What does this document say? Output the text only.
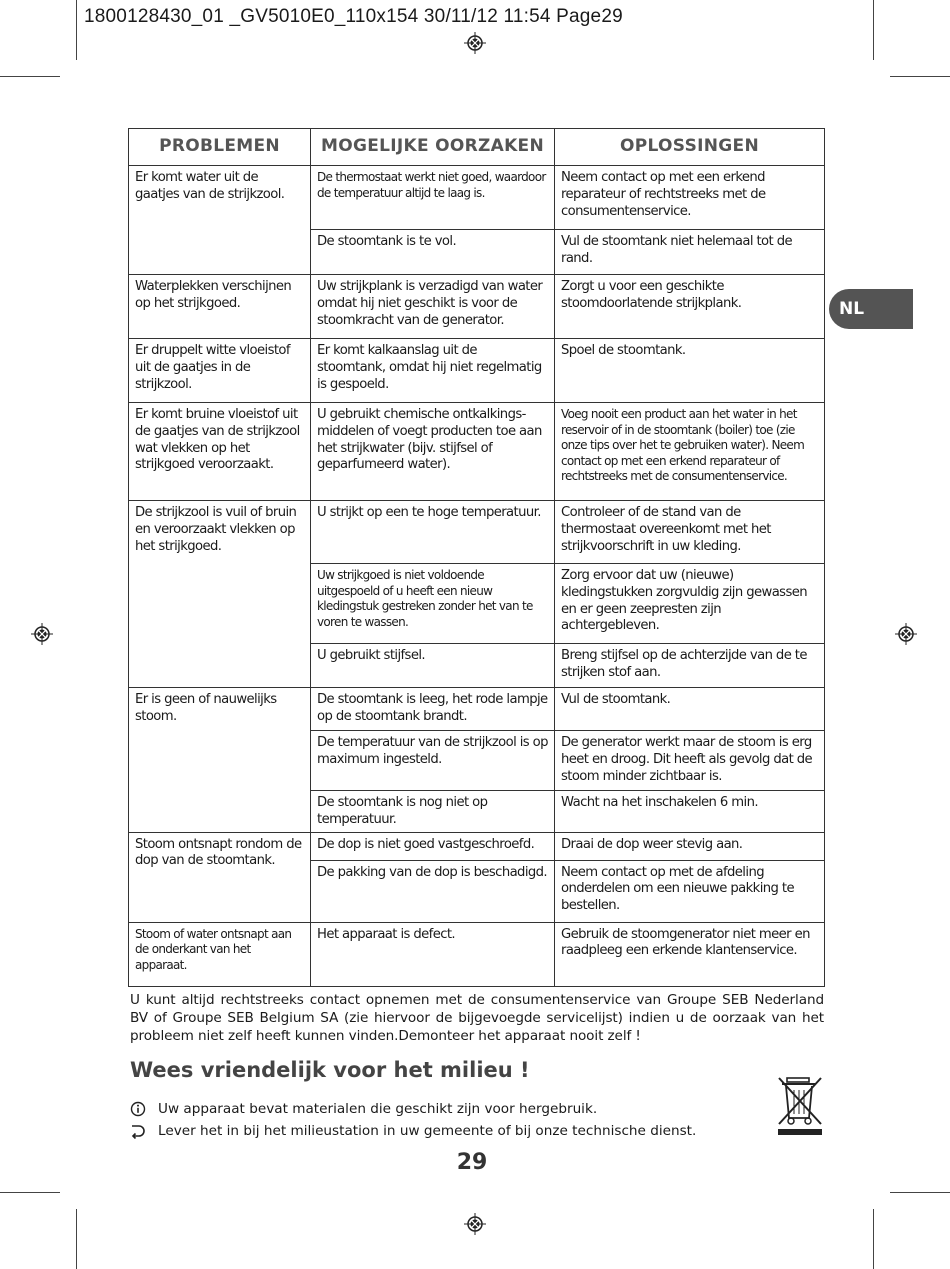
1800128430_01 _GV5010E0_110x154 30/11/12 11:54 Page29
NL
PROBLEMEN	MOGELIJKE OORZAKEN	OPLOSSINGEN
Er komt water uit de gaatjes van de strijkzool.	De thermostaat werkt niet goed, waardoor de temperatuur altijd te laag is.	Neem contact op met een erkend reparateur of rechtstreeks met de consumentenservice.
	De stoomtank is te vol.	Vul de stoomtank niet helemaal tot de rand.
Waterplekken verschijnen op het strijkgoed.	Uw strijkplank is verzadigd van water omdat hij niet geschikt is voor de stoomkracht van de generator.	Zorgt u voor een geschikte stoomdoorlatende strijkplank.
Er druppelt witte vloeistof uit de gaatjes in de strijkzool.	Er komt kalkaanslag uit de stoomtank, omdat hij niet regelmatig is gespoeld.	Spoel de stoomtank.
Er komt bruine vloeistof uit de gaatjes van de strijkzool wat vlekken op het strijkgoed veroorzaakt.	U gebruikt chemische ontkalkings-middelen of voegt producten toe aan het strijkwater (bijv. stijfsel of geparfumeerd water).	Voeg nooit een product aan het water in het reservoir of in de stoomtank (boiler) toe (zie onze tips over het te gebruiken water). Neem contact op met een erkend reparateur of rechtstreeks met de consumentenservice.
De strijkzool is vuil of bruin en veroorzaakt vlekken op het strijkgoed.	U strijkt op een te hoge temperatuur.	Controleer of de stand van de thermostaat overeenkomt met het strijkvoorschrift in uw kleding.
	Uw strijkgoed is niet voldoende uitgespoeld of u heeft een nieuw kledingstuk gestreken zonder het van te voren te wassen.	Zorg ervoor dat uw (nieuwe) kledingstukken zorgvuldig zijn gewassen en er geen zeepresten zijn achtergebleven.
	U gebruikt stijfsel.	Breng stijfsel op de achterzijde van de te strijken stof aan.
Er is geen of nauwelijks stoom.	De stoomtank is leeg, het rode lampje op de stoomtank brandt.	Vul de stoomtank.
	De temperatuur van de strijkzool is op maximum ingesteld.	De generator werkt maar de stoom is erg heet en droog. Dit heeft als gevolg dat de stoom minder zichtbaar is.
	De stoomtank is nog niet op temperatuur.	Wacht na het inschakelen 6 min.
Stoom ontsnapt rondom de dop van de stoomtank.	De dop is niet goed vastgeschroefd.	Draai de dop weer stevig aan.
	De pakking van de dop is beschadigd.	Neem contact op met de afdeling onderdelen om een nieuwe pakking te bestellen.
Stoom of water ontsnapt aan de onderkant van het apparaat.	Het apparaat is defect.	Gebruik de stoomgenerator niet meer en raadpleeg een erkende klantenservice.
U kunt altijd rechtstreeks contact opnemen met de consumentenservice van Groupe SEB Nederland BV of Groupe SEB Belgium SA (zie hiervoor de bijgevoegde servicelijst) indien u de oorzaak van het probleem niet zelf heeft kunnen vinden.Demonteer het apparaat nooit zelf !
Wees vriendelijk voor het milieu !
Uw apparaat bevat materialen die geschikt zijn voor hergebruik.
Lever het in bij het milieustation in uw gemeente of bij onze technische dienst.
29
